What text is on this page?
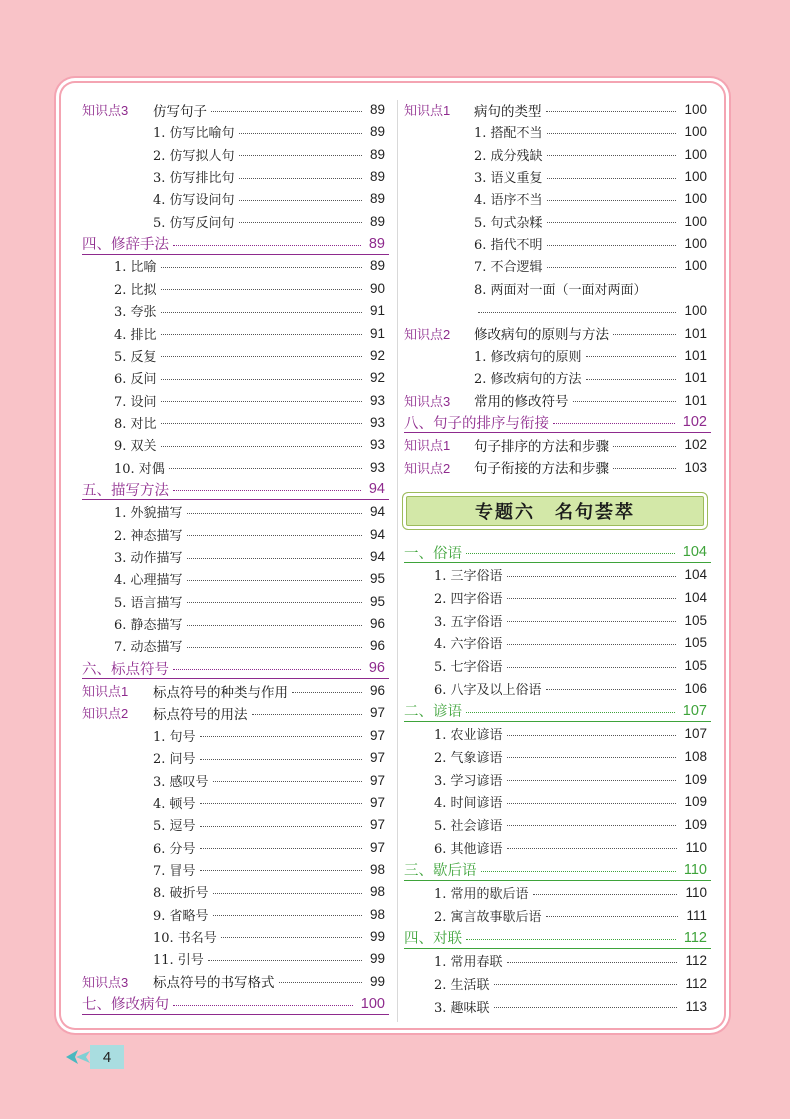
知识点3	仿写句子	89
1. 仿写比喻句	89
2. 仿写拟人句	89
3. 仿写排比句	89
4. 仿写设问句	89
5. 仿写反问句	89
四、修辞手法	89
1. 比喻	89
2. 比拟	90
3. 夸张	91
4. 排比	91
5. 反复	92
6. 反问	92
7. 设问	93
8. 对比	93
9. 双关	93
10. 对偶	93
五、描写方法	94
1. 外貌描写	94
2. 神态描写	94
3. 动作描写	94
4. 心理描写	95
5. 语言描写	95
6. 静态描写	96
7. 动态描写	96
六、标点符号	96
知识点1	标点符号的种类与作用	96
知识点2	标点符号的用法	97
1. 句号	97
2. 问号	97
3. 感叹号	97
4. 顿号	97
5. 逗号	97
6. 分号	97
7. 冒号	98
8. 破折号	98
9. 省略号	98
10. 书名号	99
11. 引号	99
知识点3	标点符号的书写格式	99
七、修改病句	100
知识点1	病句的类型	100
1. 搭配不当	100
2. 成分残缺	100
3. 语义重复	100
4. 语序不当	100
5. 句式杂糅	100
6. 指代不明	100
7. 不合逻辑	100
8. 两面对一面（一面对两面）
100
知识点2	修改病句的原则与方法	101
1. 修改病句的原则	101
2. 修改病句的方法	101
知识点3	常用的修改符号	101
八、句子的排序与衔接	102
知识点1	句子排序的方法和步骤	102
知识点2	句子衔接的方法和步骤	103
一、俗语	104
1. 三字俗语	104
2. 四字俗语	104
3. 五字俗语	105
4. 六字俗语	105
5. 七字俗语	105
6. 八字及以上俗语	106
二、谚语	107
1. 农业谚语	107
2. 气象谚语	108
3. 学习谚语	109
4. 时间谚语	109
5. 社会谚语	109
6. 其他谚语	110
三、歇后语	110
1. 常用的歇后语	110
2. 寓言故事歇后语	111
四、对联	112
1. 常用春联	112
2. 生活联	112
3. 趣味联	113
专题六　名句荟萃
4
